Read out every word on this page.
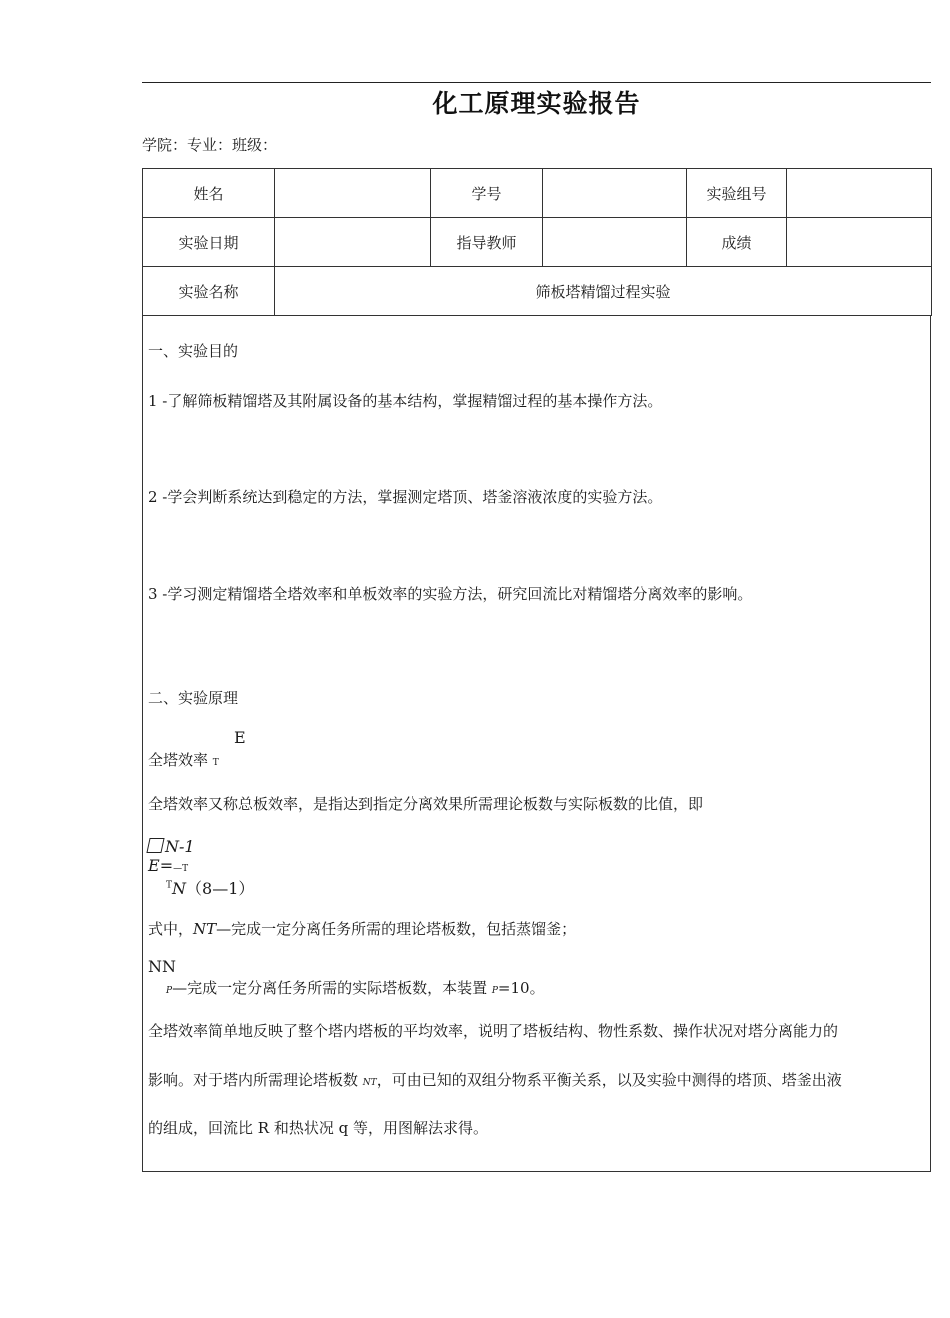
化工原理实验报告
学院：专业：班级：
姓名		学号		实验组号	
实验日期		指导教师		成绩	
实验名称	筛板塔精馏过程实验				
一、实验目的
1 -了解筛板精馏塔及其附属设备的基本结构，掌握精馏过程的基本操作方法。
2 -学会判断系统达到稳定的方法，掌握测定塔顶、塔釜溶液浓度的实验方法。
3 -学习测定精馏塔全塔效率和单板效率的实验方法，研究回流比对精馏塔分离效率的影响。
二、实验原理
E
全塔效率 T
全塔效率又称总板效率，是指达到指定分离效果所需理论板数与实际板数的比值，即
N-1
E=—T
$^T$N（8—1）
式中，NT—完成一定分离任务所需的理论塔板数，包括蒸馏釜；
NN
P—完成一定分离任务所需的实际塔板数，本装置 P=10。
全塔效率简单地反映了整个塔内塔板的平均效率，说明了塔板结构、物性系数、操作状况对塔分离能力的
影响。对于塔内所需理论塔板数 NT，可由已知的双组分物系平衡关系，以及实验中测得的塔顶、塔釜出液
的组成，回流比 R 和热状况 q 等，用图解法求得。
